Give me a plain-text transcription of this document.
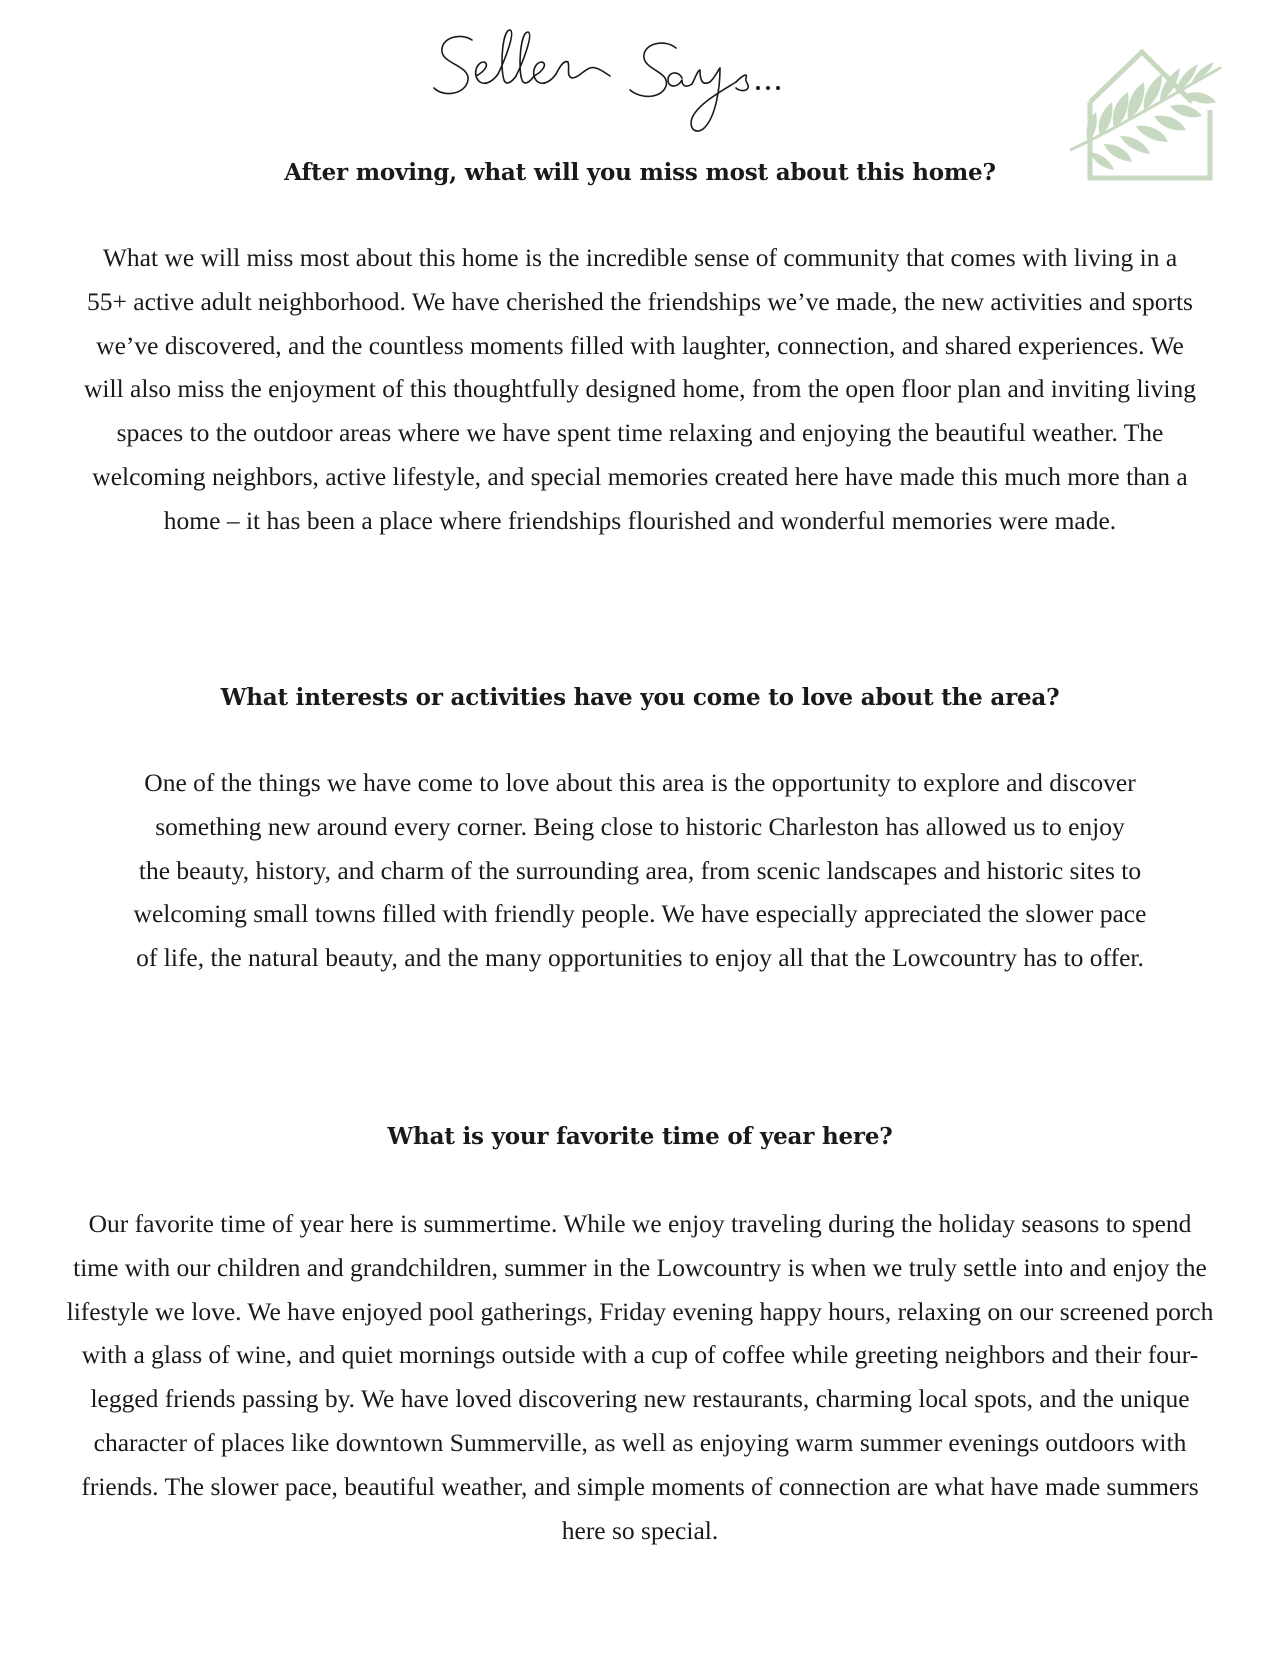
After moving, what will you miss most about this home?

What we will miss most about this home is the incredible sense of community that comes with living in a 55+ active adult neighborhood. We have cherished the friendships we’ve made, the new activities and sports we’ve discovered, and the countless moments filled with laughter, connection, and shared experiences. We will also miss the enjoyment of this thoughtfully designed home, from the open floor plan and inviting living spaces to the outdoor areas where we have spent time relaxing and enjoying the beautiful weather. The welcoming neighbors, active lifestyle, and special memories created here have made this much more than a home – it has been a place where friendships flourished and wonderful memories were made.

What interests or activities have you come to love about the area?

One of the things we have come to love about this area is the opportunity to explore and discover something new around every corner. Being close to historic Charleston has allowed us to enjoy the beauty, history, and charm of the surrounding area, from scenic landscapes and historic sites to welcoming small towns filled with friendly people. We have especially appreciated the slower pace of life, the natural beauty, and the many opportunities to enjoy all that the Lowcountry has to offer.

What is your favorite time of year here?

Our favorite time of year here is summertime. While we enjoy traveling during the holiday seasons to spend time with our children and grandchildren, summer in the Lowcountry is when we truly settle into and enjoy the lifestyle we love. We have enjoyed pool gatherings, Friday evening happy hours, relaxing on our screened porch with a glass of wine, and quiet mornings outside with a cup of coffee while greeting neighbors and their four-legged friends passing by. We have loved discovering new restaurants, charming local spots, and the unique character of places like downtown Summerville, as well as enjoying warm summer evenings outdoors with friends. The slower pace, beautiful weather, and simple moments of connection are what have made summers here so special.
